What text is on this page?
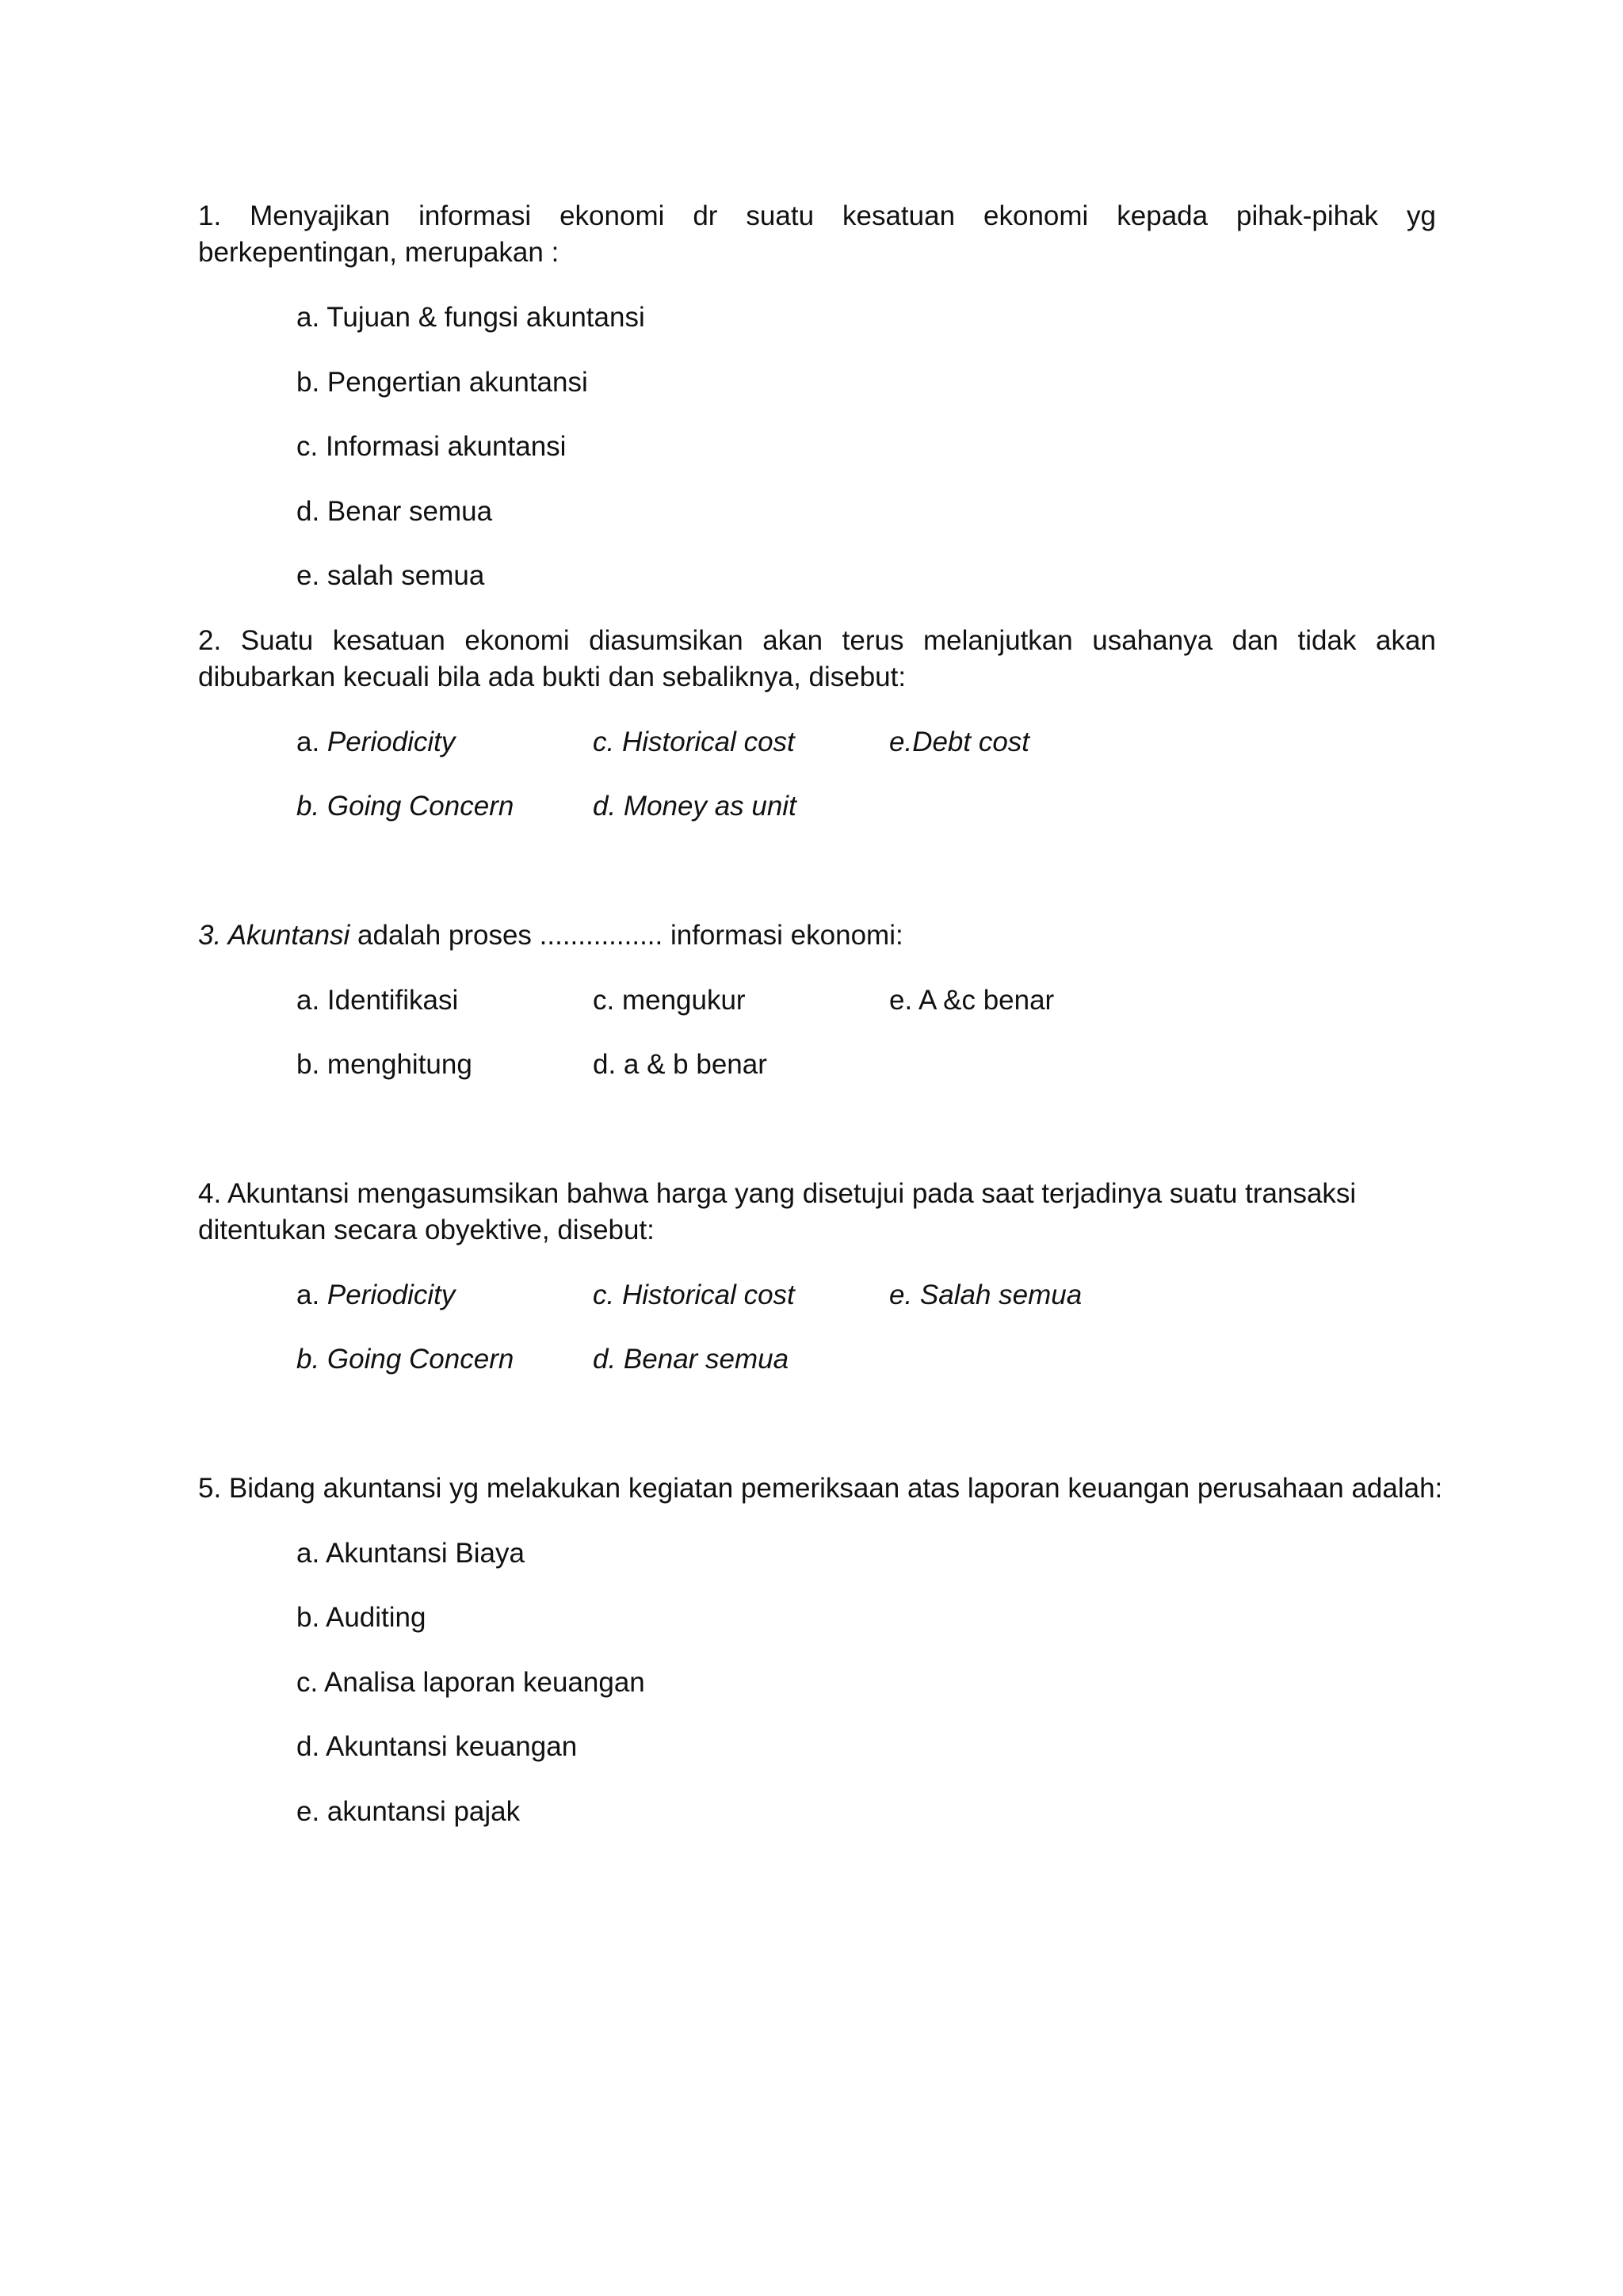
1. Menyajikan informasi ekonomi dr suatu kesatuan ekonomi kepada pihak-pihak yg
berkepentingan, merupakan :
a. Tujuan & fungsi akuntansi
b. Pengertian akuntansi
c. Informasi akuntansi
d. Benar semua
e. salah semua
2. Suatu kesatuan ekonomi diasumsikan akan terus melanjutkan usahanya dan tidak akan
dibubarkan kecuali bila ada bukti dan sebaliknya, disebut:
a. Periodicity	c. Historical cost	e.Debt cost
b. Going Concern	d. Money as unit
3. Akuntansi adalah proses ................ informasi ekonomi:
a. Identifikasi	c. mengukur	e. A &c benar
b. menghitung	d. a & b benar
4. Akuntansi mengasumsikan bahwa harga yang disetujui pada saat terjadinya suatu transaksi
ditentukan secara obyektive, disebut:
a. Periodicity	c. Historical cost	e. Salah semua
b. Going Concern	d. Benar semua
5. Bidang akuntansi yg melakukan kegiatan pemeriksaan atas laporan keuangan perusahaan adalah:
a. Akuntansi Biaya
b. Auditing
c. Analisa laporan keuangan
d. Akuntansi keuangan
e. akuntansi pajak
